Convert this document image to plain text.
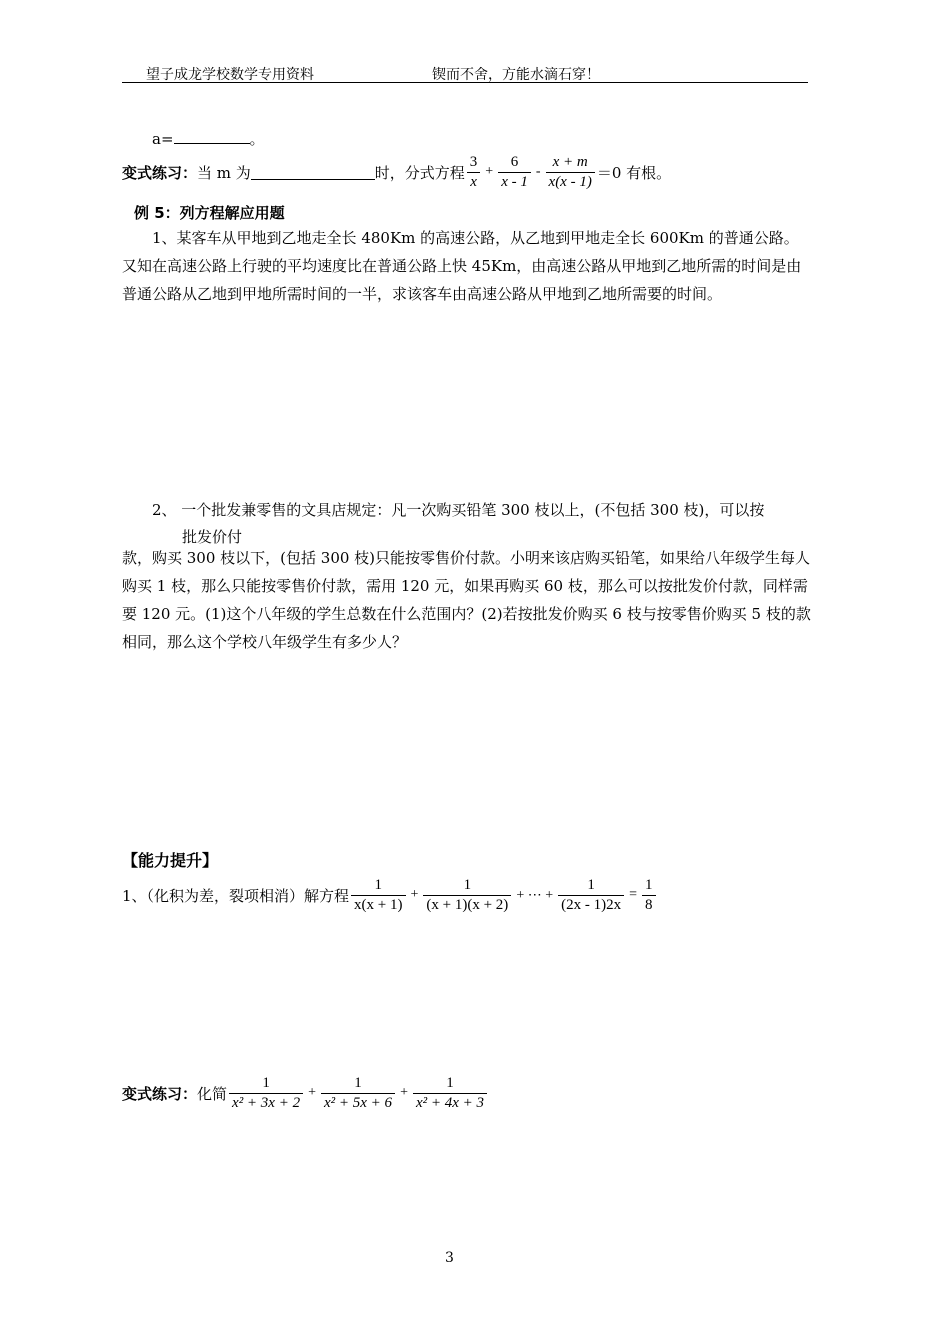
望子成龙学校数学专用资料	锲而不舍，方能水滴石穿！
a=	。
变式练习： 当 m 为	时，分式方程 $\frac{3}{x} + \frac{6}{x - 1} - \frac{x + m}{x(x - 1)} =0$ 有根。
例 5：列方程解应用题
1、某客车从甲地到乙地走全长 480Km 的高速公路，从乙地到甲地走全长 600Km 的普通公路。又知在高速公路上行驶的平均速度比在普通公路上快 45Km，由高速公路从甲地到乙地所需的时间是由普通公路从乙地到甲地所需时间的一半，求该客车由高速公路从甲地到乙地所需要的时间。
2、 一个批发兼零售的文具店规定：凡一次购买铅笔 300 枝以上，(不包括 300 枝)，可以按
批发价付
款，购买 300 枝以下，(包括 300 枝)只能按零售价付款。小明来该店购买铅笔，如果给八年级学生每人购买 1 枝，那么只能按零售价付款，需用 120 元，如果再购买 60 枝，那么可以按批发价付款，同样需要 120 元。(1)这个八年级的学生总数在什么范围内？(2)若按批发价购买 6 枝与按零售价购买 5 枝的款相同，那么这个学校八年级学生有多少人？
【能力提升】
1、（化积为差，裂项相消）解方程 $\frac{1}{x(x + 1)} + \frac{1}{(x + 1)(x + 2)}$ + ⋯ + $\frac{1}{(2x - 1)2x} = \frac{1}{8}$
变式练习： 化简 $\frac{1}{\text{x² + 3x + 2}} + \frac{1}{\text{x² + 5x + 6}} + \frac{1}{\text{x² + 4x + 3}}$
3
